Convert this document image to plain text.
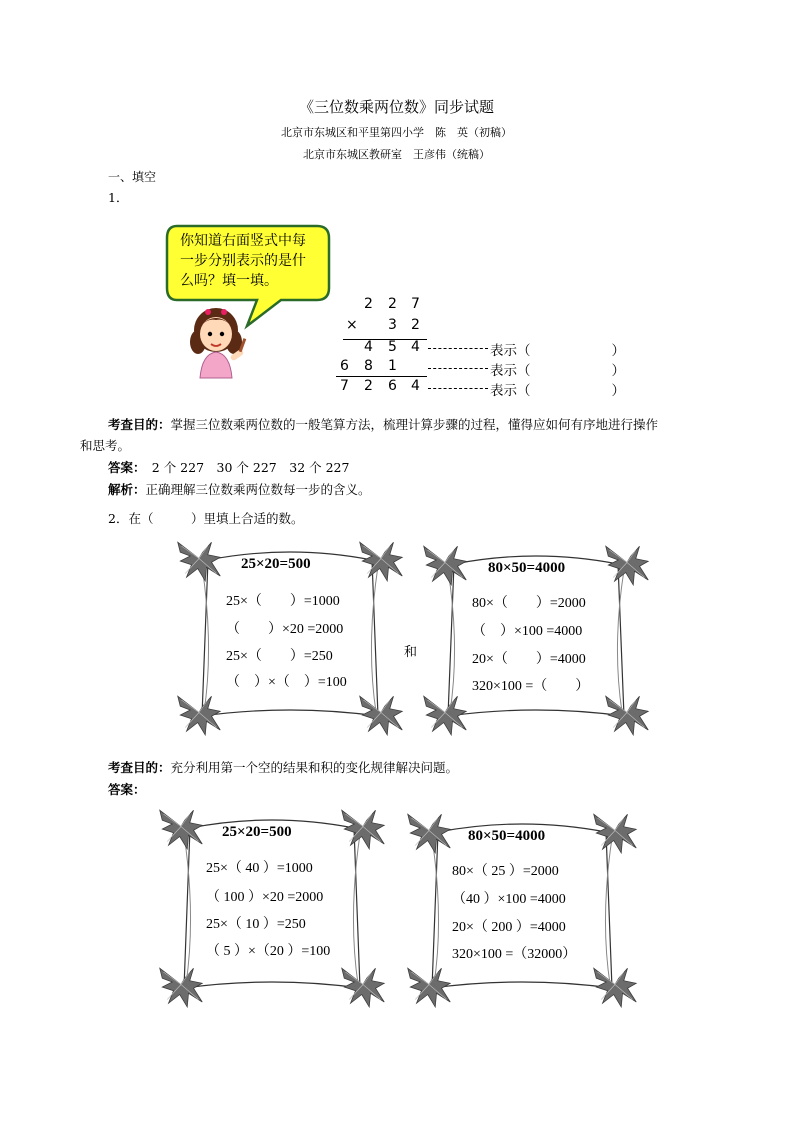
《三位数乘两位数》同步试题
北京市东城区和平里第四小学　陈　英（初稿）
北京市东城区教研室　王彦伟（统稿）
一、填空
1．
你知道右面竖式中每
一步分别表示的是什
么吗？填一填。
2 2 7
× 3 2
4 5 4	表示（　　　　　　）
6 8 1	表示（　　　　　　）
7 2 6 4	表示（　　　　　　）
考查目的：掌握三位数乘两位数的一般笔算方法，梳理计算步骤的过程，懂得应如何有序地进行操作
和思考。
答案：　2 个 227　30 个 227　32 个 227
解析：正确理解三位数乘两位数每一步的含义。
2．在（　　　）里填上合适的数。
25×20=500
25×（　　）=1000
（　　）×20 =2000
25×（　　）=250
（　）×（　）=100
和
80×50=4000
80×（　　）=2000
（　）×100 =4000
20×（　　）=4000
320×100 =（　　）
考查目的：充分利用第一个空的结果和积的变化规律解决问题。
答案：
25×20=500
25×（ 40 ）=1000
（ 100 ）×20 =2000
25×（ 10 ）=250
（ 5 ）×（20 ）=100
80×50=4000
80×（ 25 ）=2000
（40 ）×100 =4000
20×（ 200 ）=4000
320×100 =（32000）
